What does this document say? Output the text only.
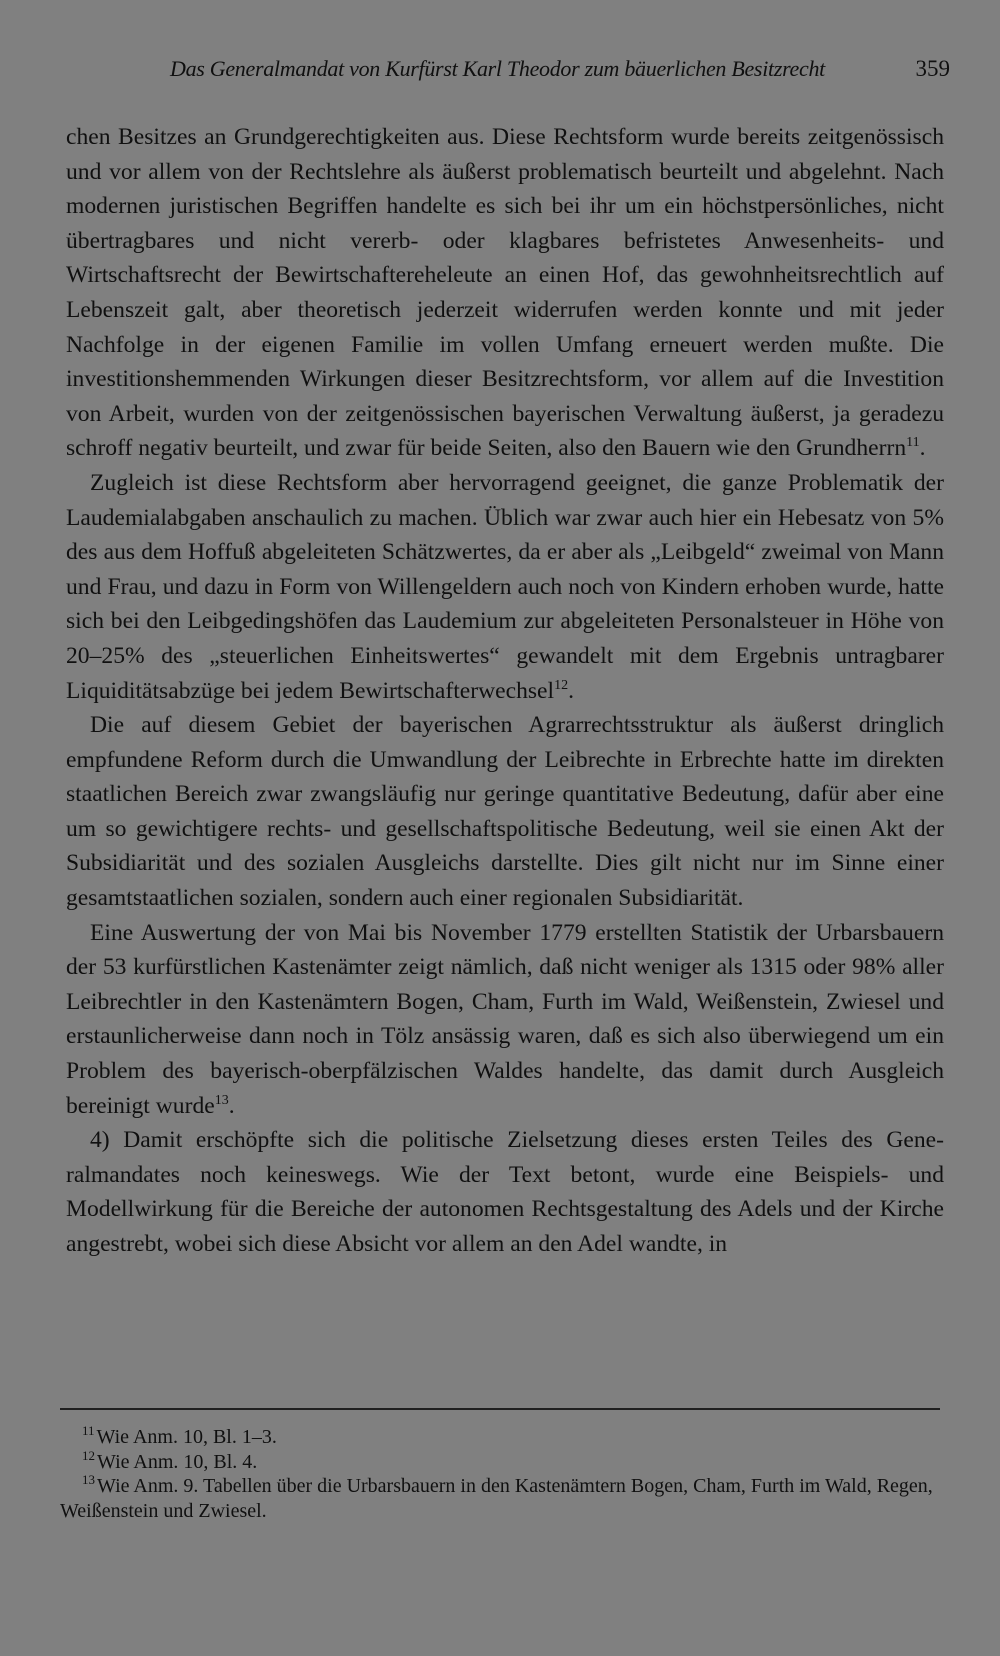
Das Generalmandat von Kurfürst Karl Theodor zum bäuerlichen Besitzrecht	359

chen Besitzes an Grundgerechtigkeiten aus. Diese Rechtsform wurde bereits zeitgenössisch und vor allem von der Rechtslehre als äußerst problematisch beurteilt und abgelehnt. Nach modernen juristischen Begriffen handelte es sich bei ihr um ein höchstpersönliches, nicht übertragbares und nicht vererb- oder klagbares befristetes Anwesenheits- und Wirtschaftsrecht der Bewirtschaftereheleute an einen Hof, das gewohnheitsrechtlich auf Lebenszeit galt, aber theoretisch jederzeit widerrufen werden konnte und mit jeder Nachfolge in der eigenen Familie im vollen Umfang erneuert werden mußte. Die investitionshemmenden Wirkungen dieser Besitzrechtsform, vor allem auf die Investition von Arbeit, wurden von der zeitgenössischen bayerischen Verwaltung äußerst, ja geradezu schroff negativ beurteilt, und zwar für beide Seiten, also den Bauern wie den Grundherrn$^{11}$.

Zugleich ist diese Rechtsform aber hervorragend geeignet, die ganze Problematik der Laudemialabgaben anschaulich zu machen. Üblich war zwar auch hier ein Hebesatz von 5% des aus dem Hoffuß abgeleiteten Schätzwertes, da er aber als „Leibgeld“ zweimal von Mann und Frau, und dazu in Form von Willengeldern auch noch von Kindern erhoben wurde, hatte sich bei den Leibgedingshöfen das Laudemium zur abgeleiteten Personalsteuer in Höhe von 20–25% des „steuerlichen Einheitswertes“ gewandelt mit dem Ergebnis untragbarer Liquiditätsabzüge bei jedem Bewirtschafterwechsel$^{12}$.

Die auf diesem Gebiet der bayerischen Agrarrechtsstruktur als äußerst dringlich empfundene Reform durch die Umwandlung der Leibrechte in Erbrechte hatte im direkten staatlichen Bereich zwar zwangsläufig nur geringe quantitative Bedeutung, dafür aber eine um so gewichtigere rechts- und gesellschaftspolitische Bedeutung, weil sie einen Akt der Subsidiarität und des sozialen Ausgleichs darstellte. Dies gilt nicht nur im Sinne einer gesamtstaatlichen sozialen, sondern auch einer regionalen Subsidiarität.

Eine Auswertung der von Mai bis November 1779 erstellten Statistik der Urbarsbauern der 53 kurfürstlichen Kastenämter zeigt nämlich, daß nicht weniger als 1315 oder 98% aller Leibrechtler in den Kastenämtern Bogen, Cham, Furth im Wald, Weißenstein, Zwiesel und erstaunlicherweise dann noch in Tölz ansässig waren, daß es sich also überwiegend um ein Problem des bayerisch-oberpfälzischen Waldes handelte, das damit durch Ausgleich bereinigt wurde$^{13}$.

4) Damit erschöpfte sich die politische Zielsetzung dieses ersten Teiles des Generalmandates noch keineswegs. Wie der Text betont, wurde eine Beispiels- und Modellwirkung für die Bereiche der autonomen Rechtsgestaltung des Adels und der Kirche angestrebt, wobei sich diese Absicht vor allem an den Adel wandte, in

$^{11}$ Wie Anm. 10, Bl. 1–3.

$^{12}$ Wie Anm. 10, Bl. 4.

$^{13}$ Wie Anm. 9. Tabellen über die Urbarsbauern in den Kastenämtern Bogen, Cham, Furth im Wald, Regen, Weißenstein und Zwiesel.
